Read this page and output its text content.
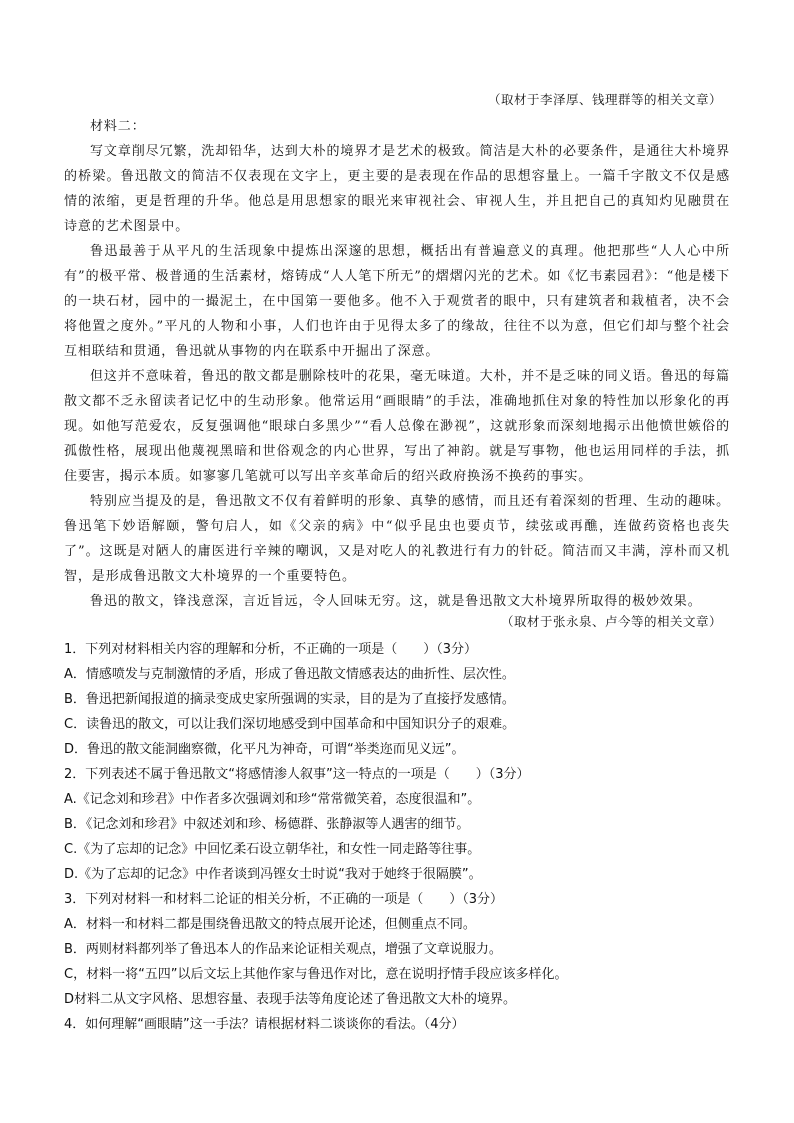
（取材于李泽厚、钱理群等的相关文章）

材料二：

写文章削尽冗繁，洗却铅华，达到大朴的境界才是艺术的极致。简洁是大朴的必要条件，是通往大朴境界的桥梁。鲁迅散文的简洁不仅表现在文字上，更主要的是表现在作品的思想容量上。一篇千字散文不仅是感情的浓缩，更是哲理的升华。他总是用思想家的眼光来审视社会、审视人生，并且把自己的真知灼见融贯在诗意的艺术图景中。

鲁迅最善于从平凡的生活现象中提炼出深邃的思想，概括出有普遍意义的真理。他把那些“人人心中所有”的极平常、极普通的生活素材，熔铸成“人人笔下所无”的熠熠闪光的艺术。如《忆韦素园君》：“他是楼下的一块石材，园中的一撮泥土，在中国第一要他多。他不入于观赏者的眼中，只有建筑者和栽植者，决不会将他置之度外。”平凡的人物和小事，人们也许由于见得太多了的缘故，往往不以为意，但它们却与整个社会互相联结和贯通，鲁迅就从事物的内在联系中开掘出了深意。

但这并不意味着，鲁迅的散文都是删除枝叶的花果，毫无味道。大朴，并不是乏味的同义语。鲁迅的每篇散文都不乏永留读者记忆中的生动形象。他常运用“画眼睛”的手法，准确地抓住对象的特性加以形象化的再现。如他写范爱农，反复强调他“眼球白多黑少”“看人总像在渺视”，这就形象而深刻地揭示出他愤世嫉俗的孤傲性格，展现出他蔑视黑暗和世俗观念的内心世界，写出了神韵。就是写事物，他也运用同样的手法，抓住要害，揭示本质。如寥寥几笔就可以写出辛亥革命后的绍兴政府换汤不换药的事实。

特别应当提及的是，鲁迅散文不仅有着鲜明的形象、真挚的感情，而且还有着深刻的哲理、生动的趣味。鲁迅笔下妙语解颐，警句启人，如《父亲的病》中“似乎昆虫也要贞节，续弦或再醮，连做药资格也丧失了”。这既是对陋人的庸医进行辛辣的嘲讽，又是对吃人的礼教进行有力的针砭。简洁而又丰满，淳朴而又机智，是形成鲁迅散文大朴境界的一个重要特色。

鲁迅的散文，锋浅意深，言近旨远，令人回味无穷。这，就是鲁迅散文大朴境界所取得的极妙效果。

（取材于张永泉、卢今等的相关文章）
1．下列对材料相关内容的理解和分析，不正确的一项是（　　）（3分）
A．情感喷发与克制激情的矛盾，形成了鲁迅散文情感表达的曲折性、层次性。
B．鲁迅把新闻报道的摘录变成史家所强调的实录，目的是为了直接抒发感情。
C．读鲁迅的散文，可以让我们深切地感受到中国革命和中国知识分子的艰难。
D．鲁迅的散文能洞幽察微，化平凡为神奇，可谓“举类迩而见义远”。
2．下列表述不属于鲁迅散文“将感情渗人叙事”这一特点的一项是（　　）（3分）
A.《记念刘和珍君》中作者多次强调刘和珍“常常微笑着，态度很温和”。
B．《记念刘和珍君》中叙述刘和珍、杨德群、张静淑等人遇害的细节。
C.《为了忘却的记念》中回忆柔石设立朝华社，和女性一同走路等往事。
D.《为了忘却的记念》中作者谈到冯铿女士时说“我对于她终于很隔膜”。
3．下列对材料一和材料二论证的相关分析，不正确的一项是（　　）（3分）
A．材料一和材料二都是围绕鲁迅散文的特点展开论述，但侧重点不同。
B．两则材料都列举了鲁迅本人的作品来论证相关观点，增强了文章说服力。
C，材料一将“五四”以后文坛上其他作家与鲁迅作对比，意在说明抒情手段应该多样化。
D材料二从文字风格、思想容量、表现手法等角度论述了鲁迅散文大朴的境界。
4．如何理解“画眼睛”这一手法？请根据材料二谈谈你的看法。（4分）
